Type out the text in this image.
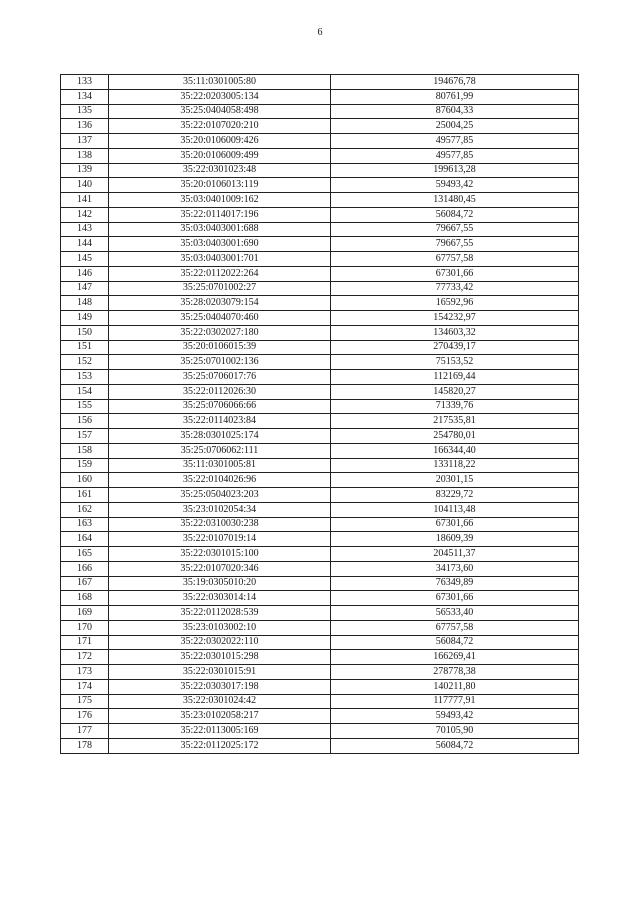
6
133	35:11:0301005:80	194676,78
134	35:22:0203005:134	80761,99
135	35:25:0404058:498	87604,33
136	35:22:0107020:210	25004,25
137	35:20:0106009:426	49577,85
138	35:20:0106009:499	49577,85
139	35:22:0301023:48	199613,28
140	35:20:0106013:119	59493,42
141	35:03:0401009:162	131480,45
142	35:22:0114017:196	56084,72
143	35:03:0403001:688	79667,55
144	35:03:0403001:690	79667,55
145	35:03:0403001:701	67757,58
146	35:22:0112022:264	67301,66
147	35:25:0701002:27	77733,42
148	35:28:0203079:154	16592,96
149	35:25:0404070:460	154232,97
150	35:22:0302027:180	134603,32
151	35:20:0106015:39	270439,17
152	35:25:0701002:136	75153,52
153	35:25:0706017:76	112169,44
154	35:22:0112026:30	145820,27
155	35:25:0706066:66	71339,76
156	35:22:0114023:84	217535,81
157	35:28:0301025:174	254780,01
158	35:25:0706062:111	166344,40
159	35:11:0301005:81	133118,22
160	35:22:0104026:96	20301,15
161	35:25:0504023:203	83229,72
162	35:23:0102054:34	104113,48
163	35:22:0310030:238	67301,66
164	35:22:0107019:14	18609,39
165	35:22:0301015:100	204511,37
166	35:22:0107020:346	34173,60
167	35:19:0305010:20	76349,89
168	35:22:0303014:14	67301,66
169	35:22:0112028:539	56533,40
170	35:23:0103002:10	67757,58
171	35:22:0302022:110	56084,72
172	35:22:0301015:298	166269,41
173	35:22:0301015:91	278778,38
174	35:22:0303017:198	140211,80
175	35:22:0301024:42	117777,91
176	35:23:0102058:217	59493,42
177	35:22:0113005:169	70105,90
178	35:22:0112025:172	56084,72
